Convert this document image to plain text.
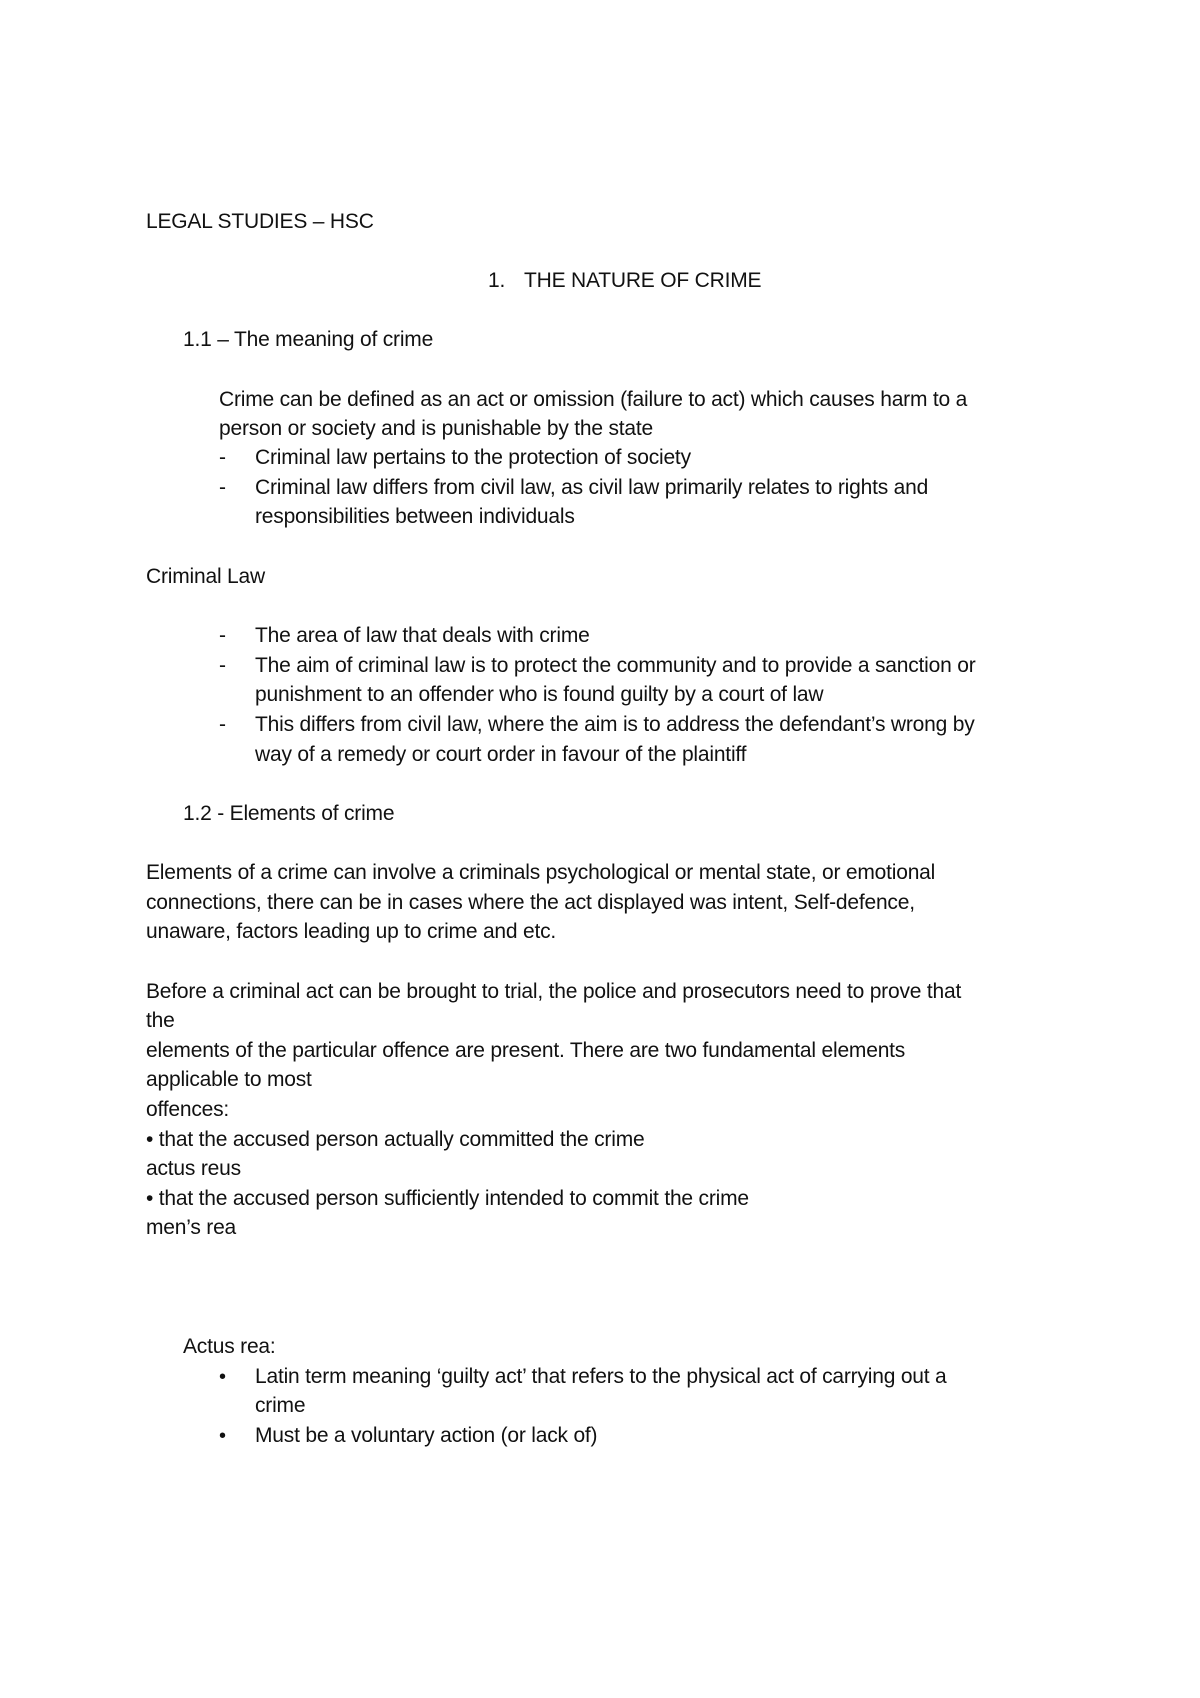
LEGAL STUDIES – HSC
1. THE NATURE OF CRIME
1.1 – The meaning of crime
Crime can be defined as an act or omission (failure to act) which causes harm to a
person or society and is punishable by the state
- Criminal law pertains to the protection of society
- Criminal law differs from civil law, as civil law primarily relates to rights and
responsibilities between individuals
Criminal Law
- The area of law that deals with crime
- The aim of criminal law is to protect the community and to provide a sanction or
punishment to an offender who is found guilty by a court of law
- This differs from civil law, where the aim is to address the defendant’s wrong by
way of a remedy or court order in favour of the plaintiff
1.2 - Elements of crime
Elements of a crime can involve a criminals psychological or mental state, or emotional
connections, there can be in cases where the act displayed was intent, Self-defence,
unaware, factors leading up to crime and etc.
Before a criminal act can be brought to trial, the police and prosecutors need to prove that
the
elements of the particular offence are present. There are two fundamental elements
applicable to most
offences:
• that the accused person actually committed the crime
actus reus
• that the accused person sufficiently intended to commit the crime
men’s rea
Actus rea:
• Latin term meaning ‘guilty act’ that refers to the physical act of carrying out a
crime
• Must be a voluntary action (or lack of)
